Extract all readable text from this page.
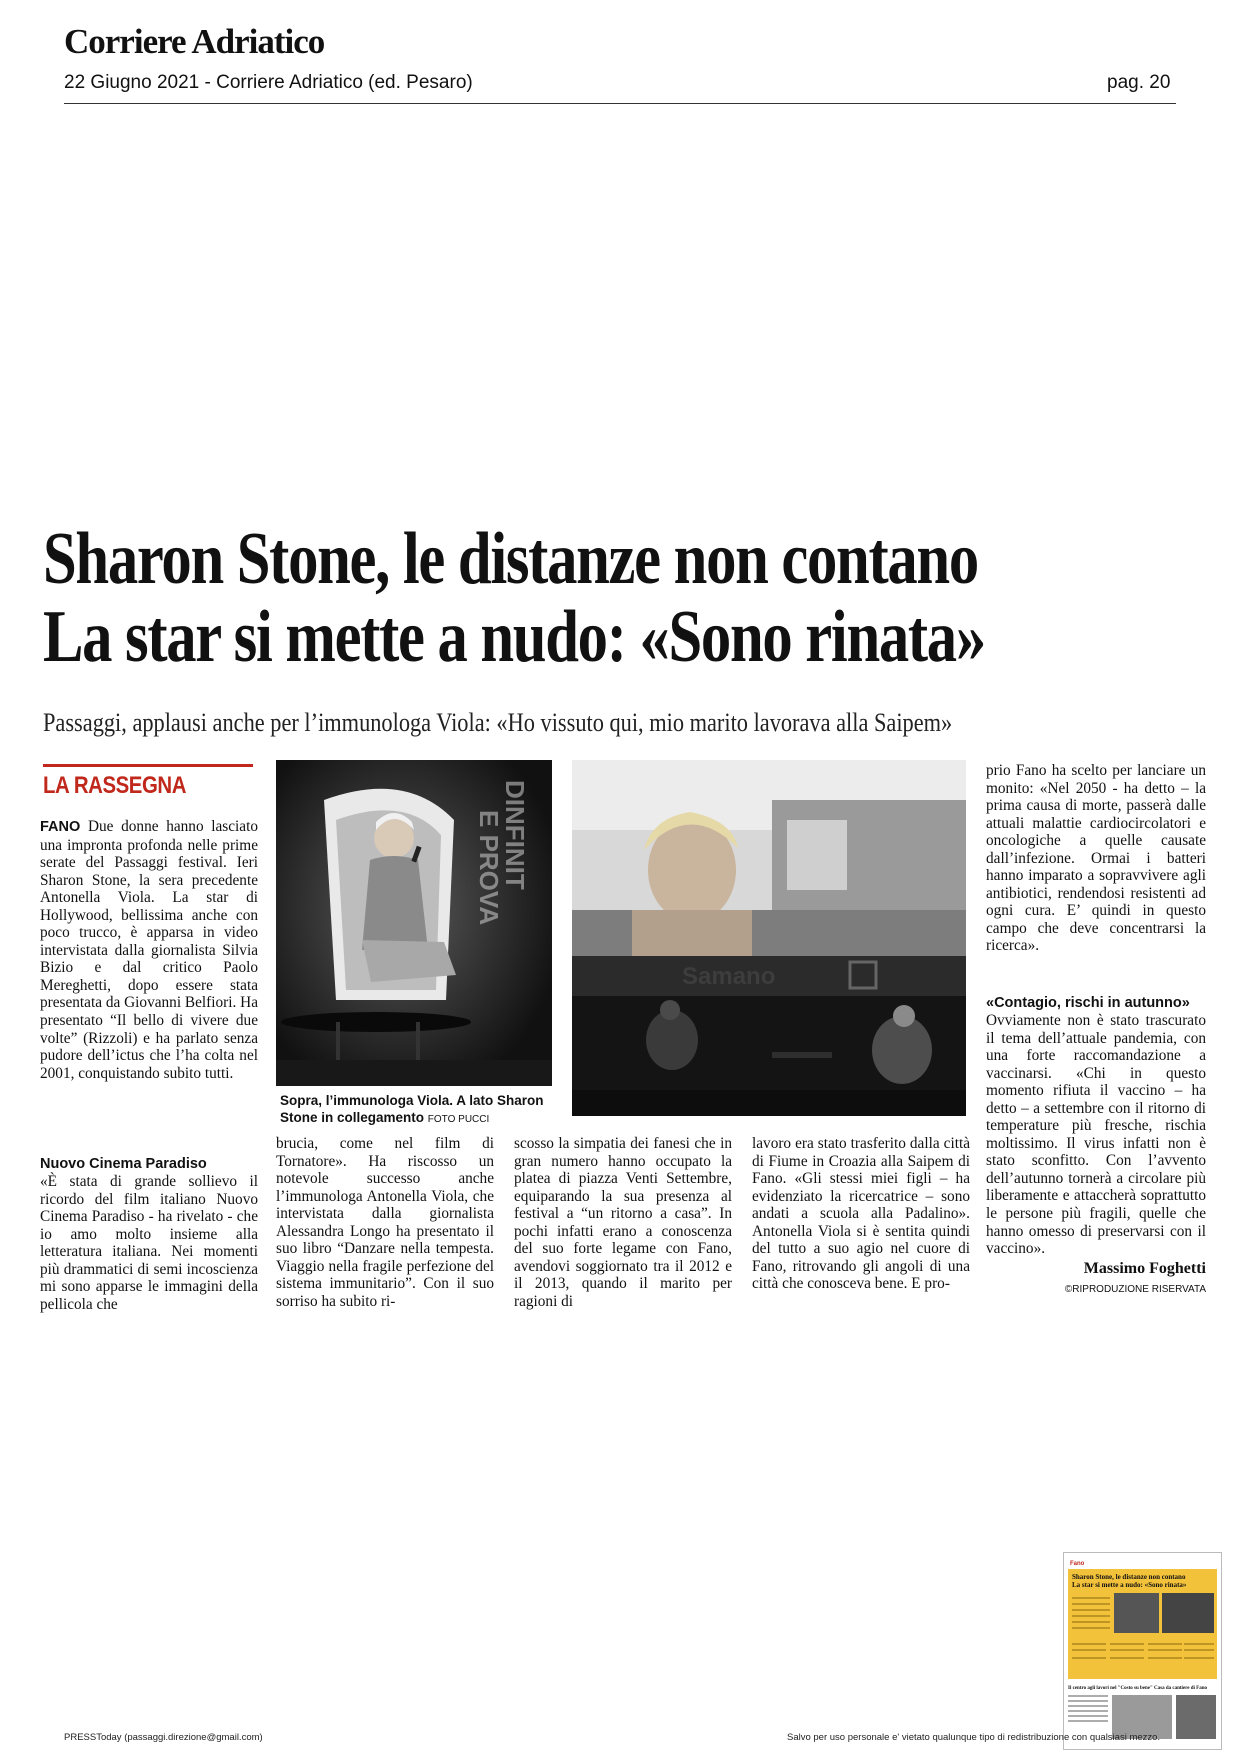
Corriere Adriatico
22 Giugno 2021 - Corriere Adriatico (ed. Pesaro)	pag. 20
Sharon Stone, le distanze non contano
La star si mette a nudo: «Sono rinata»
Passaggi, applausi anche per l’immunologa Viola: «Ho vissuto qui, mio marito lavorava alla Saipem»
LA RASSEGNA

FANO Due donne hanno lasciato una impronta profonda nelle prime serate del Passaggi festival. Ieri Sharon Stone, la sera precedente Antonella Viola. La star di Hollywood, bellissima anche con poco trucco, è apparsa in video intervistata dalla giornalista Silvia Bizio e dal critico Paolo Mereghetti, dopo essere stata presentata da Giovanni Belfiori. Ha presentato “Il bello di vivere due volte” (Rizzoli) e ha parlato senza pudore dell’ictus che l’ha colta nel 2001, conquistando subito tutti.

Nuovo Cinema Paradiso

«È stata di grande sollievo il ricordo del film italiano Nuovo Cinema Paradiso - ha rivelato - che io amo molto insieme alla letteratura italiana. Nei momenti più drammatici di semi incoscienza mi sono apparse le immagini della pellicola che

brucia, come nel film di Tornatore». Ha riscosso un notevole successo anche l’immunologa Antonella Viola, che intervistata dalla giornalista Alessandra Longo ha presentato il suo libro “Danzare nella tempesta. Viaggio nella fragile perfezione del sistema immunitario”. Con il suo sorriso ha subito ri-

scosso la simpatia dei fanesi che in gran numero hanno occupato la platea di piazza Venti Settembre, equiparando la sua presenza al festival a “un ritorno a casa”. In pochi infatti erano a conoscenza del suo forte legame con Fano, avendovi soggiornato tra il 2012 e il 2013, quando il marito per ragioni di

lavoro era stato trasferito dalla città di Fiume in Croazia alla Saipem di Fano. «Gli stessi miei figli – ha evidenziato la ricercatrice – sono andati a scuola alla Padalino». Antonella Viola si è sentita quindi del tutto a suo agio nel cuore di Fano, ritrovando gli angoli di una città che conosceva bene. E pro-

prio Fano ha scelto per lanciare un monito: «Nel 2050 - ha detto – la prima causa di morte, passerà dalle attuali malattie cardiocircolatori e oncologiche a quelle causate dall’infezione. Ormai i batteri hanno imparato a sopravvivere agli antibiotici, rendendosi resistenti ad ogni cura. E’ quindi in questo campo che deve concentrarsi la ricerca».

«Contagio, rischi in autunno»

Ovviamente non è stato trascurato il tema dell’attuale pandemia, con una forte raccomandazione a vaccinarsi. «Chi in questo momento rifiuta il vaccino – ha detto – a settembre con il ritorno di temperature più fresche, rischia moltissimo. Il virus infatti non è stato sconfitto. Con l’avvento dell’autunno tornerà a circolare più liberamente e attaccherà soprattutto le persone più fragili, quelle che hanno omesso di preservarsi con il vaccino».

Massimo Foghetti
©RIPRODUZIONE RISERVATA
DINFINIT
E PROVA
Samano
Sopra, l’immunologa Viola. A lato Sharon Stone in collegamento FOTO PUCCI
Fano
Sharon Stone, le distanze non contano
La star si mette a nudo: «Sono rinata»
Il centro agli lavori nel "Costo su bene" Casa da cantiere di Fano
PRESSToday (passaggi.direzione@gmail.com)	Salvo per uso personale e' vietato qualunque tipo di redistribuzione con qualsiasi mezzo.
